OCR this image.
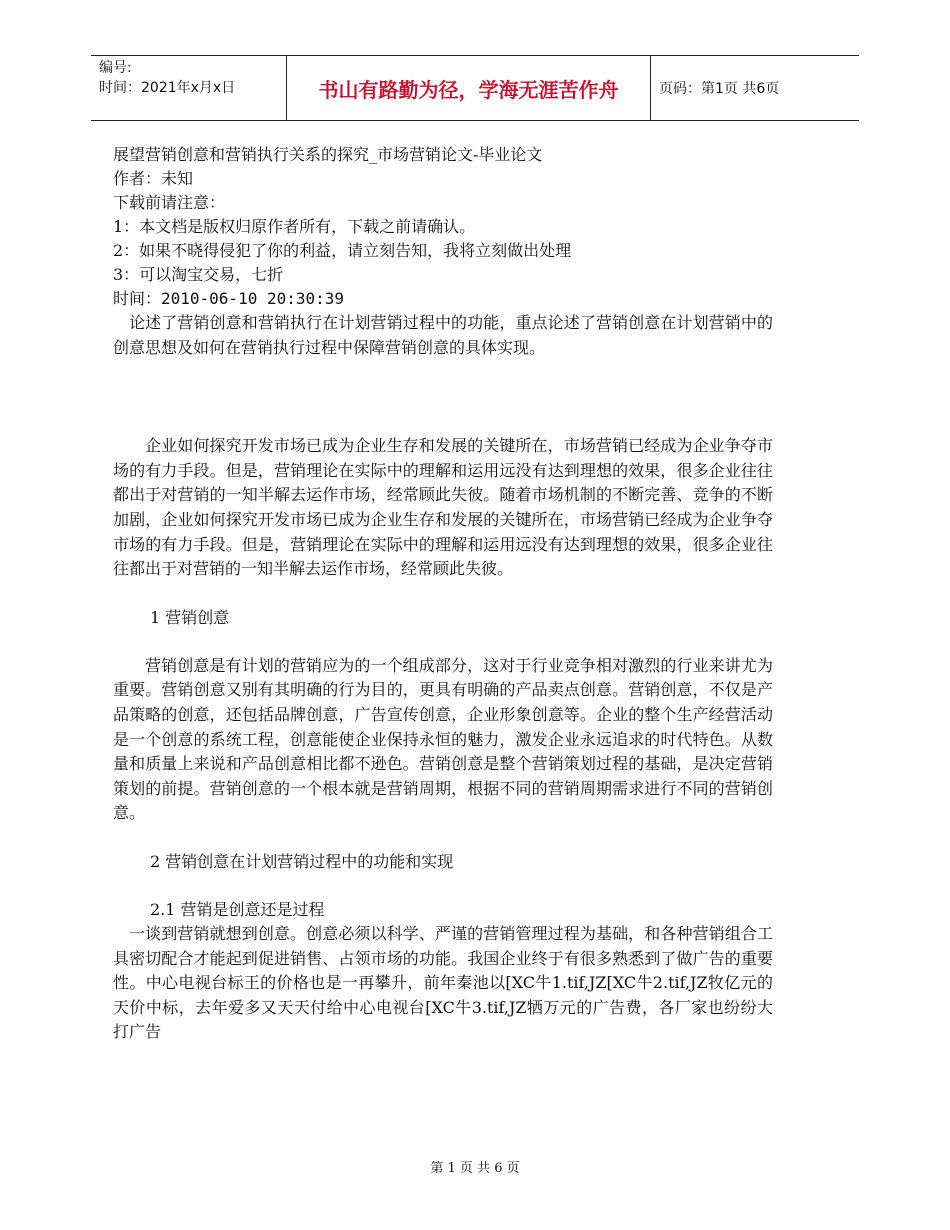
编号:
时间：2021年x月x日	书山有路勤为径，学海无涯苦作舟	页码：第1页 共6页

展望营销创意和营销执行关系的探究_市场营销论文-毕业论文

作者：未知

下载前请注意：

1：本文档是版权归原作者所有，下载之前请确认。

2：如果不晓得侵犯了你的利益，请立刻告知，我将立刻做出处理

3：可以淘宝交易，七折

时间：2010-06-10 20:30:39

论述了营销创意和营销执行在计划营销过程中的功能，重点论述了营销创意在计划营销中的创意思想及如何在营销执行过程中保障营销创意的具体实现。

企业如何探究开发市场已成为企业生存和发展的关键所在，市场营销已经成为企业争夺市场的有力手段。但是，营销理论在实际中的理解和运用远没有达到理想的效果，很多企业往往都出于对营销的一知半解去运作市场，经常顾此失彼。随着市场机制的不断完善、竞争的不断加剧，企业如何探究开发市场已成为企业生存和发展的关键所在，市场营销已经成为企业争夺市场的有力手段。但是，营销理论在实际中的理解和运用远没有达到理想的效果，很多企业往往都出于对营销的一知半解去运作市场，经常顾此失彼。

1 营销创意

营销创意是有计划的营销应为的一个组成部分，这对于行业竞争相对激烈的行业来讲尤为重要。营销创意又别有其明确的行为目的，更具有明确的产品卖点创意。营销创意，不仅是产品策略的创意，还包括品牌创意，广告宣传创意，企业形象创意等。企业的整个生产经营活动是一个创意的系统工程，创意能使企业保持永恒的魅力，激发企业永远追求的时代特色。从数量和质量上来说和产品创意相比都不逊色。营销创意是整个营销策划过程的基础，是决定营销策划的前提。营销创意的一个根本就是营销周期，根据不同的营销周期需求进行不同的营销创意。

2 营销创意在计划营销过程中的功能和实现

2.1 营销是创意还是过程

一谈到营销就想到创意。创意必须以科学、严谨的营销管理过程为基础，和各种营销组合工具密切配合才能起到促进销售、占领市场的功能。我国企业终于有很多熟悉到了做广告的重要性。中心电视台标王的价格也是一再攀升，前年秦池以[XC牛1.tif,JZ[XC牛2.tif,JZ牧亿元的天价中标，去年爱多又天天付给中心电视台[XC牛3.tif,JZ牺万元的广告费，各厂家也纷纷大打广告

第 1 页 共 6 页
